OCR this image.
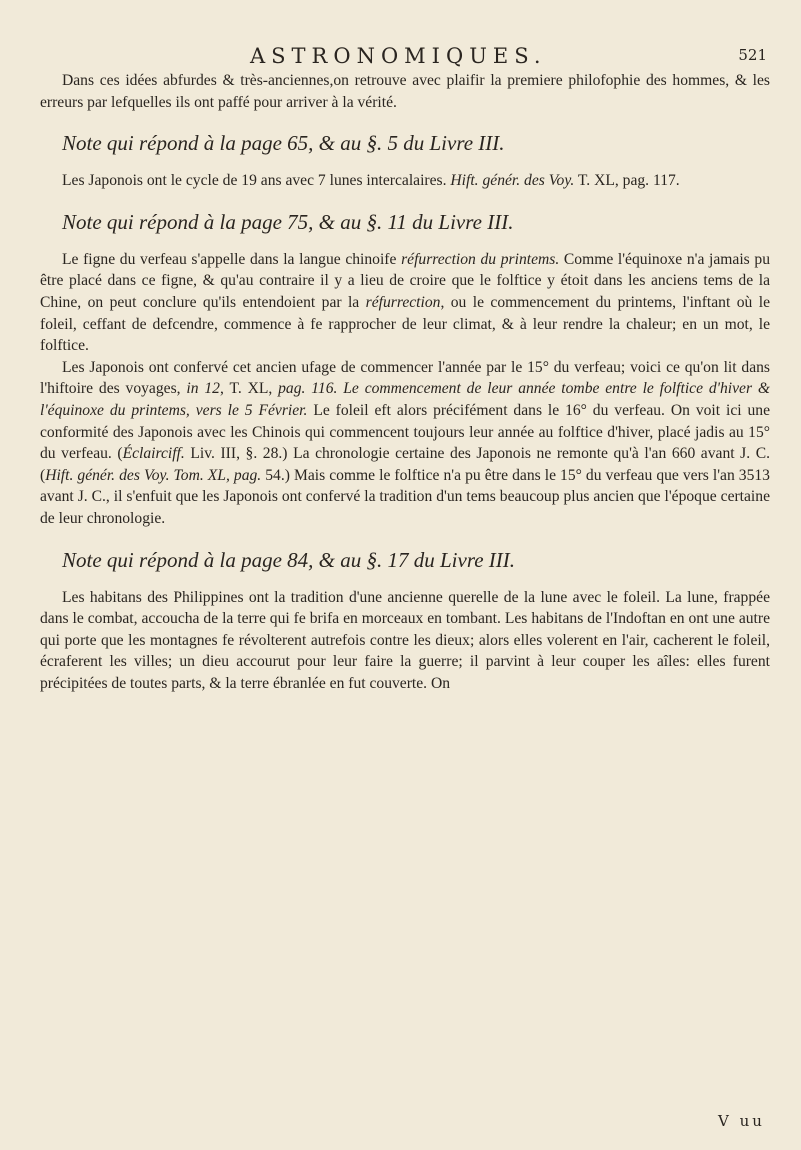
ASTRONOMIQUES.	521

Dans ces idées abfurdes & très-anciennes,on retrouve avec plaifir la premiere philofophie des hommes, & les erreurs par lefquelles ils ont paffé pour arriver à la vérité.

Note qui répond à la page 65, & au §. 5 du Livre III.

Les Japonois ont le cycle de 19 ans avec 7 lunes intercalaires. Hift. génér. des Voy. T. XL, pag. 117.

Note qui répond à la page 75, & au §. 11 du Livre III.

Le figne du verfeau s'appelle dans la langue chinoife réfurrection du printems. Comme l'équinoxe n'a jamais pu être placé dans ce figne, & qu'au contraire il y a lieu de croire que le folftice y étoit dans les anciens tems de la Chine, on peut conclure qu'ils entendoient par la réfurrection, ou le commencement du printems, l'inftant où le foleil, ceffant de defcendre, commence à fe rapprocher de leur climat, & à leur rendre la chaleur; en un mot, le folftice.

Les Japonois ont confervé cet ancien ufage de commencer l'année par le 15° du verfeau; voici ce qu'on lit dans l'hiftoire des voyages, in 12, T. XL, pag. 116. Le commencement de leur année tombe entre le folftice d'hiver & l'équinoxe du printems, vers le 5 Février. Le foleil eft alors précifément dans le 16° du verfeau. On voit ici une conformité des Japonois avec les Chinois qui commencent toujours leur année au folftice d'hiver, placé jadis au 15° du verfeau. (Éclairciff. Liv. III, §. 28.) La chronologie certaine des Japonois ne remonte qu'à l'an 660 avant J. C. (Hift. génér. des Voy. Tom. XL, pag. 54.) Mais comme le folftice n'a pu être dans le 15° du verfeau que vers l'an 3513 avant J. C., il s'enfuit que les Japonois ont confervé la tradition d'un tems beaucoup plus ancien que l'époque certaine de leur chronologie.

Note qui répond à la page 84, & au §. 17 du Livre III.

Les habitans des Philippines ont la tradition d'une ancienne querelle de la lune avec le foleil. La lune, frappée dans le combat, accoucha de la terre qui fe brifa en morceaux en tombant. Les habitans de l'Indoftan en ont une autre qui porte que les montagnes fe révolterent autrefois contre les dieux; alors elles volerent en l'air, cacherent le foleil, écraferent les villes; un dieu accourut pour leur faire la guerre; il parvint à leur couper les aîles: elles furent précipitées de toutes parts, & la terre ébranlée en fut couverte. On

V uu
